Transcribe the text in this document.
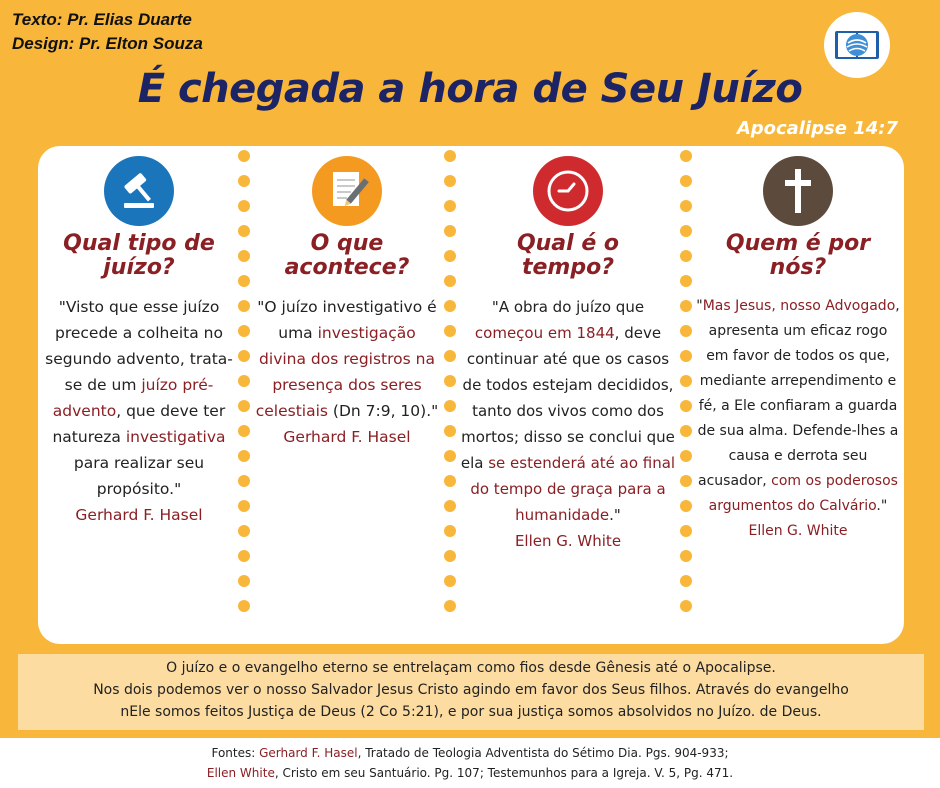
Texto: Pr. Elias Duarte
Design: Pr. Elton Souza
É chegada a hora de Seu Juízo
Apocalipse 14:7
Qual tipo de
juízo?

"Visto que esse juízo precede a colheita no segundo advento, trata-se de um juízo pré-advento, que deve ter natureza investigativa para realizar seu propósito."
Gerhard F. Hasel

O que
acontece?

"O juízo investigativo é uma investigação divina dos registros na presença dos seres celestiais (Dn 7:9, 10)."
Gerhard F. Hasel

Qual é o
tempo?

"A obra do juízo que começou em 1844, deve continuar até que os casos de todos estejam decididos, tanto dos vivos como dos mortos; disso se conclui que ela se estenderá até ao final do tempo de graça para a humanidade."
Ellen G. White

Quem é por
nós?

"Mas Jesus, nosso Advogado, apresenta um eficaz rogo em favor de todos os que, mediante arrependimento e fé, a Ele confiaram a guarda de sua alma. Defende-lhes a causa e derrota seu acusador, com os poderosos argumentos do Calvário."
Ellen G. White

O juízo e o evangelho eterno se entrelaçam como fios desde Gênesis até o Apocalipse.
Nos dois podemos ver o nosso Salvador Jesus Cristo agindo em favor dos Seus filhos. Através do evangelho
nEle somos feitos Justiça de Deus (2 Co 5:21), e por sua justiça somos absolvidos no Juízo. de Deus.
Fontes: Gerhard F. Hasel, Tratado de Teologia Adventista do Sétimo Dia. Pgs. 904-933;
Ellen White, Cristo em seu Santuário. Pg. 107; Testemunhos para a Igreja. V. 5, Pg. 471.
